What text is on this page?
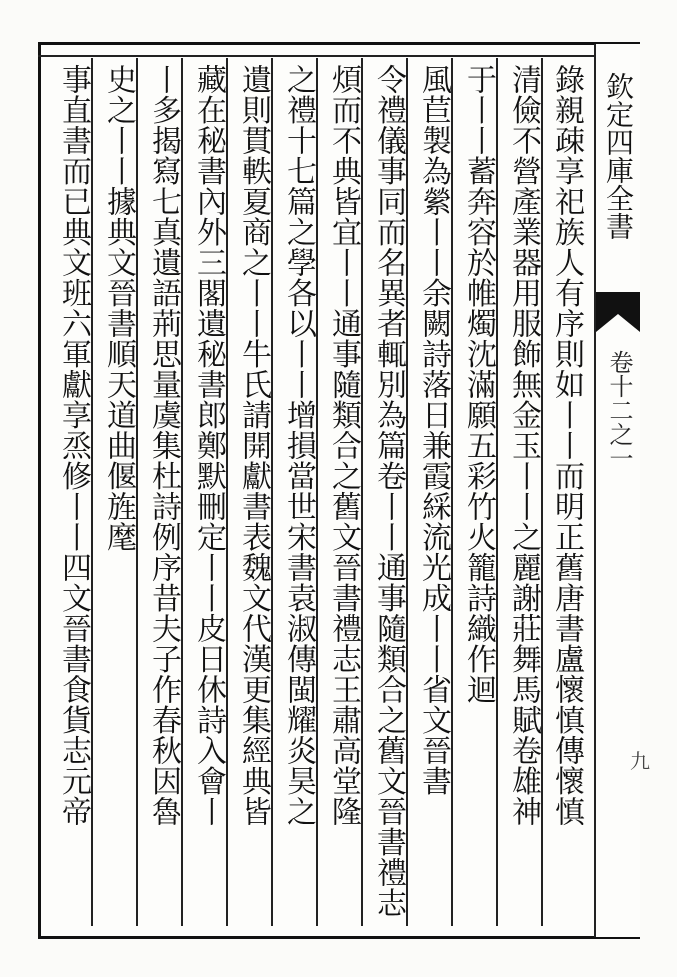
欽定四庫全書
卷十二之一
九
錄親疎享祀族人有序則如丨丨而明正舊唐書盧懷慎傳懷慎
清儉不營產業器用服飾無金玉丨丨之麗謝莊舞馬賦卷雄神
于丨丨蓄奔容於帷燭沈滿願五彩竹火籠詩織作迴
風苣製為縈丨丨余闕詩落日兼霞綵流光成丨丨省文晉書
令禮儀事同而名異者輒別為篇卷丨丨通事隨類合之舊文晉書禮志
煩而不典皆宜丨丨通事隨類合之舊文晉書禮志王肅高堂隆
之禮十七篇之學各以丨丨增損當世宋書袁淑傳閩耀炎昊之
遺則貫軼夏商之丨丨牛氏請開獻書表魏文代漢更集經典皆
藏在秘書內外三閣遺秘書郎鄭默刪定丨丨皮日休詩入會丨
丨多揭寫七真遺語荊思量虞集杜詩例序昔夫子作春秋因魯
史之丨丨據典文晉書順天道曲偃旌麾
事直書而已典文班六軍獻享烝修丨丨四文晉書食貨志元帝
